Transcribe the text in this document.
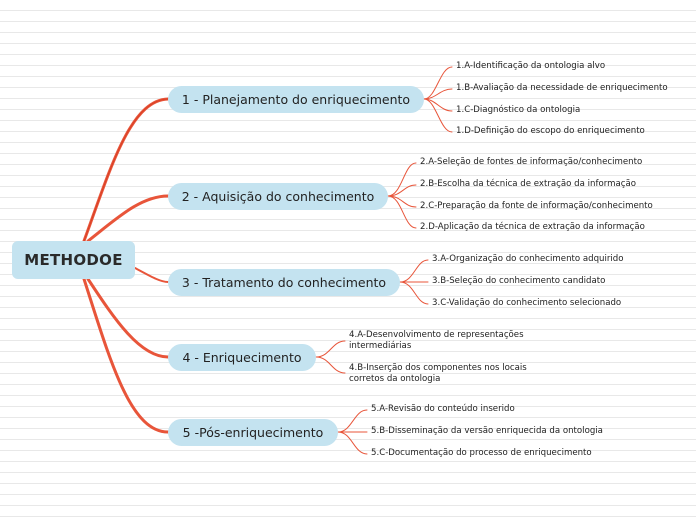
METHODOE
1 - Planejamento do enriquecimento
2 - Aquisição do conhecimento
3 - Tratamento do conhecimento
4 - Enriquecimento
5 -Pós-enriquecimento
1.A-Identificação da ontologia alvo
1.B-Avaliação da necessidade de enriquecimento
1.C-Diagnóstico da ontologia
1.D-Definição do escopo do enriquecimento
2.A-Seleção de fontes de informação/conhecimento
2.B-Escolha da técnica de extração da informação
2.C-Preparação da fonte de informação/conhecimento
2.D-Aplicação da técnica de extração da informação
3.A-Organização do conhecimento adquirido
3.B-Seleção do conhecimento candidato
3.C-Validação do conhecimento selecionado
4.A-Desenvolvimento de representações intermediárias
4.B-Inserção dos componentes nos locais corretos da ontologia
5.A-Revisão do conteúdo inserido
5.B-Disseminação da versão enriquecida da ontologia
5.C-Documentação do processo de enriquecimento
